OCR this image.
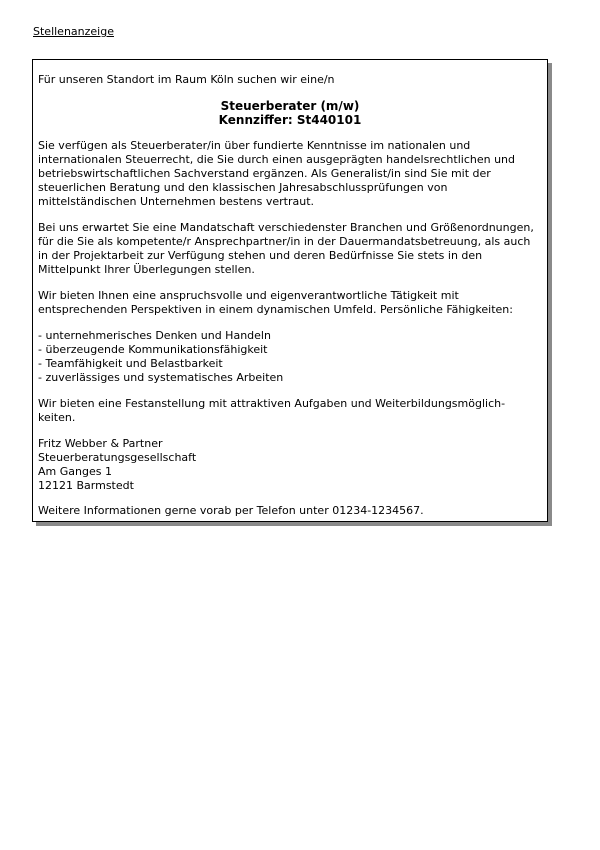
Stellenanzeige

Für unseren Standort im Raum Köln suchen wir eine/n

Steuerberater (m/w)

Kennziffer: St440101

Sie verfügen als Steuerberater/in über fundierte Kenntnisse im nationalen und internationalen Steuerrecht, die Sie durch einen ausgeprägten handelsrechtlichen und betriebswirtschaftlichen Sachverstand ergänzen. Als Generalist/in sind Sie mit der steuerlichen Beratung und den klassischen Jahresabschlussprüfungen von mittelständischen Unternehmen bestens vertraut.

Bei uns erwartet Sie eine Mandatschaft verschiedenster Branchen und Größenordnungen, für die Sie als kompetente/r Ansprechpartner/in in der Dauermandatsbetreuung, als auch in der Projektarbeit zur Verfügung stehen und deren Bedürfnisse Sie stets in den Mittelpunkt Ihrer Überlegungen stellen.

Wir bieten Ihnen eine anspruchsvolle und eigenverantwortliche Tätigkeit mit entsprechenden Perspektiven in einem dynamischen Umfeld. Persönliche Fähigkeiten:

- unternehmerisches Denken und Handeln
- überzeugende Kommunikationsfähigkeit
- Teamfähigkeit und Belastbarkeit
- zuverlässiges und systematisches Arbeiten

Wir bieten eine Festanstellung mit attraktiven Aufgaben und Weiterbildungsmöglich-keiten.

Fritz Webber & Partner
Steuerberatungsgesellschaft
Am Ganges 1
12121 Barmstedt

Weitere Informationen gerne vorab per Telefon unter 01234-1234567.
